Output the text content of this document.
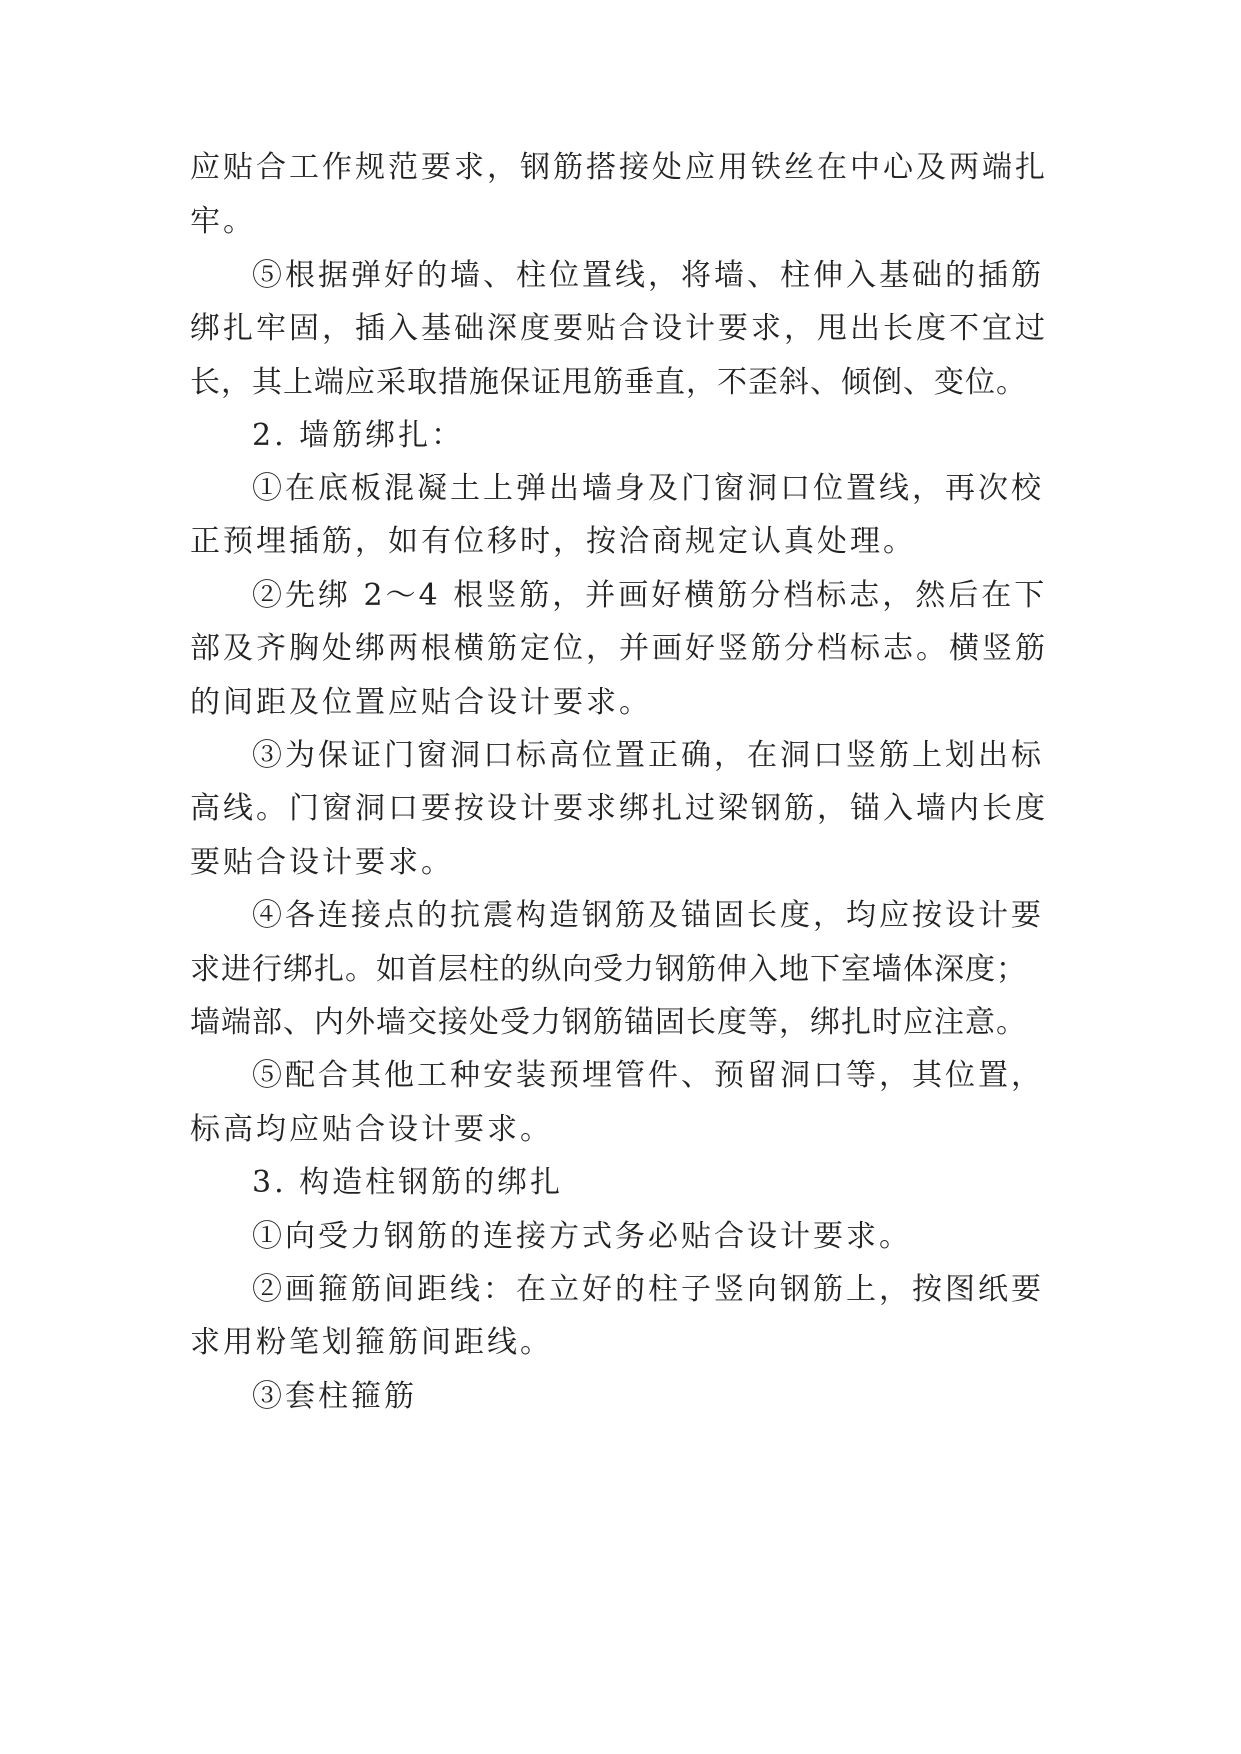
应贴合工作规范要求，钢筋搭接处应用铁丝在中心及两端扎

牢。

⑤根据弹好的墙、柱位置线，将墙、柱伸入基础的插筋

绑扎牢固，插入基础深度要贴合设计要求，甩出长度不宜过

长，其上端应采取措施保证甩筋垂直，不歪斜、倾倒、变位。

2. 墙筋绑扎：

①在底板混凝土上弹出墙身及门窗洞口位置线，再次校

正预埋插筋，如有位移时，按洽商规定认真处理。

②先绑 2～4 根竖筋，并画好横筋分档标志，然后在下

部及齐胸处绑两根横筋定位，并画好竖筋分档标志。横竖筋

的间距及位置应贴合设计要求。

③为保证门窗洞口标高位置正确，在洞口竖筋上划出标

高线。门窗洞口要按设计要求绑扎过梁钢筋，锚入墙内长度

要贴合设计要求。

④各连接点的抗震构造钢筋及锚固长度，均应按设计要

求进行绑扎。如首层柱的纵向受力钢筋伸入地下室墙体深度；

墙端部、内外墙交接处受力钢筋锚固长度等，绑扎时应注意。

⑤配合其他工种安装预埋管件、预留洞口等，其位置，

标高均应贴合设计要求。

3. 构造柱钢筋的绑扎

①向受力钢筋的连接方式务必贴合设计要求。

②画箍筋间距线：在立好的柱子竖向钢筋上，按图纸要

求用粉笔划箍筋间距线。

③套柱箍筋
